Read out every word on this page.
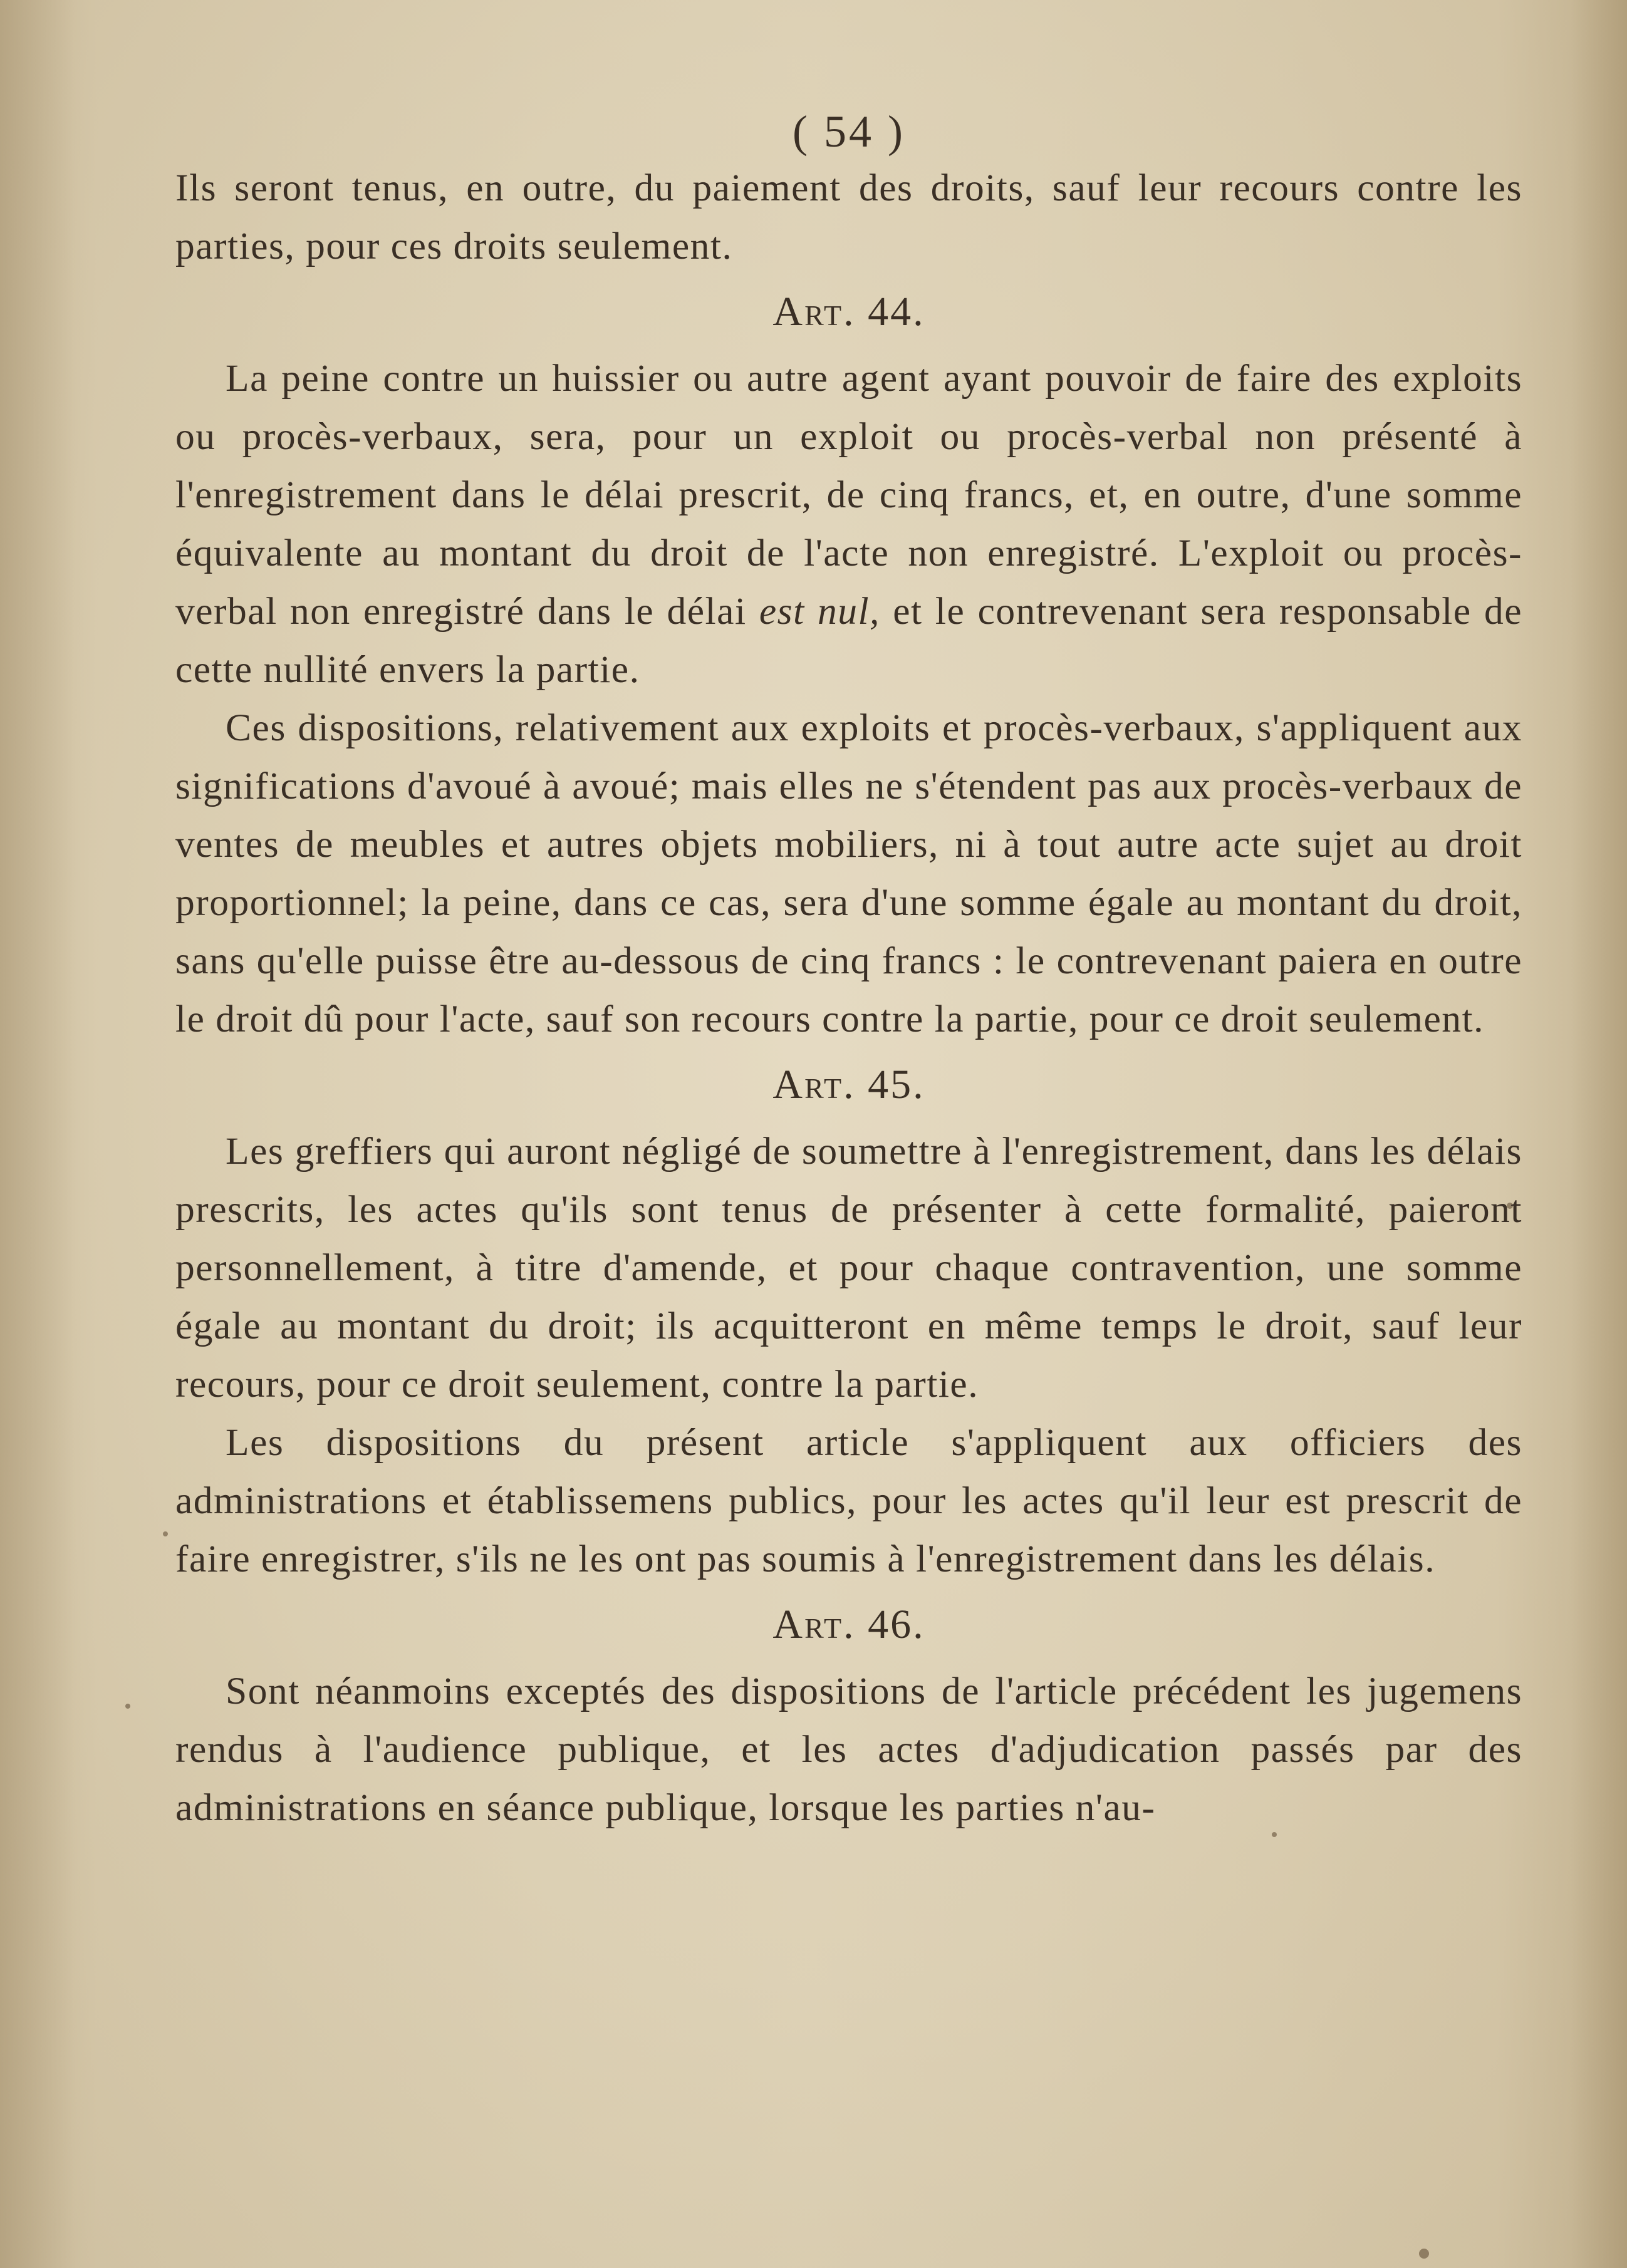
( 54 )

Ils seront tenus, en outre, du paiement des droits, sauf leur recours contre les parties, pour ces droits seulement.

Art. 44.

La peine contre un huissier ou autre agent ayant pouvoir de faire des exploits ou procès-verbaux, sera, pour un exploit ou procès-verbal non présenté à l'enregistrement dans le délai prescrit, de cinq francs, et, en outre, d'une somme équivalente au montant du droit de l'acte non enregistré. L'exploit ou procès-verbal non enregistré dans le délai est nul, et le contrevenant sera responsable de cette nullité envers la partie.

Ces dispositions, relativement aux exploits et procès-verbaux, s'appliquent aux significations d'avoué à avoué; mais elles ne s'étendent pas aux procès-verbaux de ventes de meubles et autres objets mobiliers, ni à tout autre acte sujet au droit proportionnel; la peine, dans ce cas, sera d'une somme égale au montant du droit, sans qu'elle puisse être au-dessous de cinq francs : le contrevenant paiera en outre le droit dû pour l'acte, sauf son recours contre la partie, pour ce droit seulement.

Art. 45.

Les greffiers qui auront négligé de soumettre à l'enregistrement, dans les délais prescrits, les actes qu'ils sont tenus de présenter à cette formalité, paieront personnellement, à titre d'amende, et pour chaque contravention, une somme égale au montant du droit; ils acquitteront en même temps le droit, sauf leur recours, pour ce droit seulement, contre la partie.

Les dispositions du présent article s'appliquent aux officiers des administrations et établissemens publics, pour les actes qu'il leur est prescrit de faire enregistrer, s'ils ne les ont pas soumis à l'enregistrement dans les délais.

Art. 46.

Sont néanmoins exceptés des dispositions de l'article précédent les jugemens rendus à l'audience publique, et les actes d'adjudication passés par des administrations en séance publique, lorsque les parties n'au-
